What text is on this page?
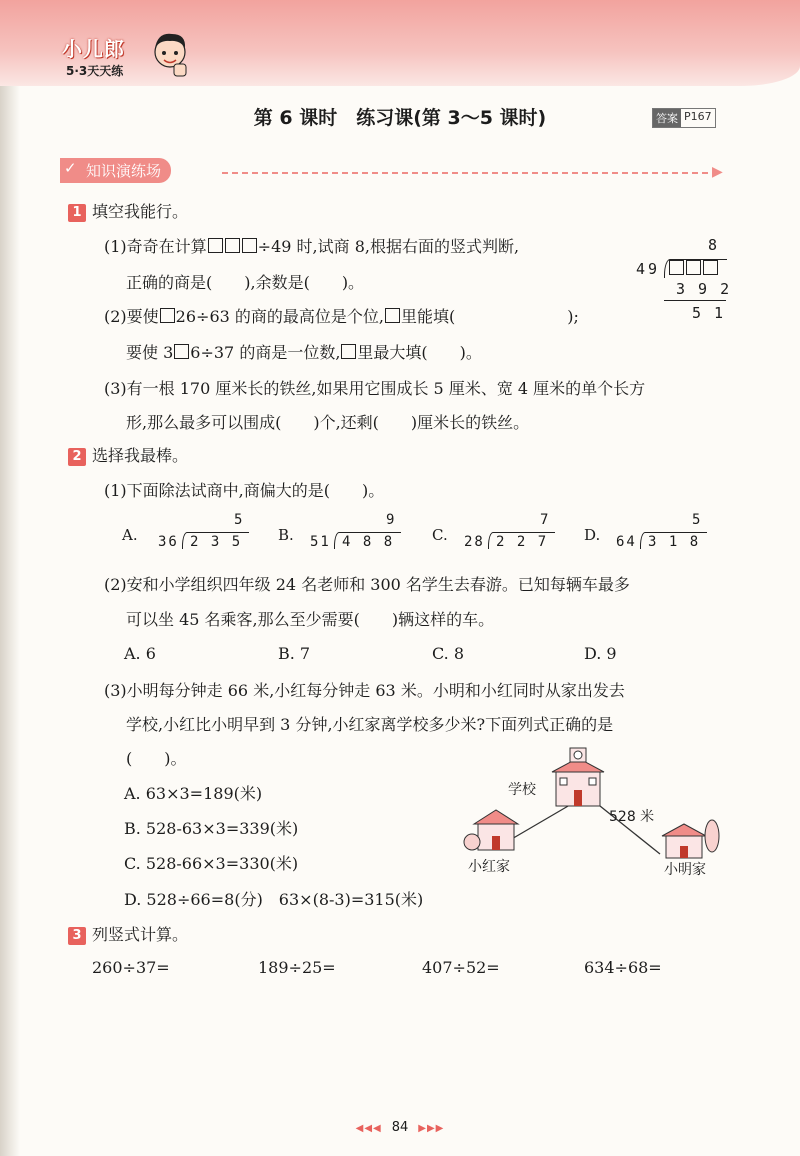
小儿郎
5·3天天练
第 6 课时　练习课(第 3～5 课时)	答案 P167
✓ 知识演练场	▶
1 填空我能行。
(1)奇奇在计算	÷49 时,试商 8,根据右面的竖式判断,
正确的商是(　　),余数是(　　)。
8
49
3 9 2
5 1
(2)要使 26÷63 的商的最高位是个位, 里能填(　　　　　　　);
要使 3 6÷37 的商是一位数, 里最大填(　　)。
(3)有一根 170 厘米长的铁丝,如果用它围成长 5 厘米、宽 4 厘米的单个长方
形,那么最多可以围成(　　)个,还剩(　　)厘米长的铁丝。
2 选择我最棒。
(1)下面除法试商中,商偏大的是(　　)。
A.
5
36 2 3 5 B.
9
51 4 8 8	C.
7
28 2 2 7 D.
5
64 3 1 8
(2)安和小学组织四年级 24 名老师和 300 名学生去春游。已知每辆车最多
可以坐 45 名乘客,那么至少需要(　　)辆这样的车。
A. 6	B. 7	C. 8	D. 9
(3)小明每分钟走 66 米,小红每分钟走 63 米。小明和小红同时从家出发去
学校,小红比小明早到 3 分钟,小红家离学校多少米?下面列式正确的是
(　　)。
A. 63×3=189(米)
B. 528-63×3=339(米)
C. 528-66×3=330(米)
D. 528÷66=8(分)　63×(8-3)=315(米)
学校
528 米
小红家	小明家
3 列竖式计算。
260÷37=	189÷25=	407÷52=	634÷68=
◀◀◀ 84 ▶▶▶
